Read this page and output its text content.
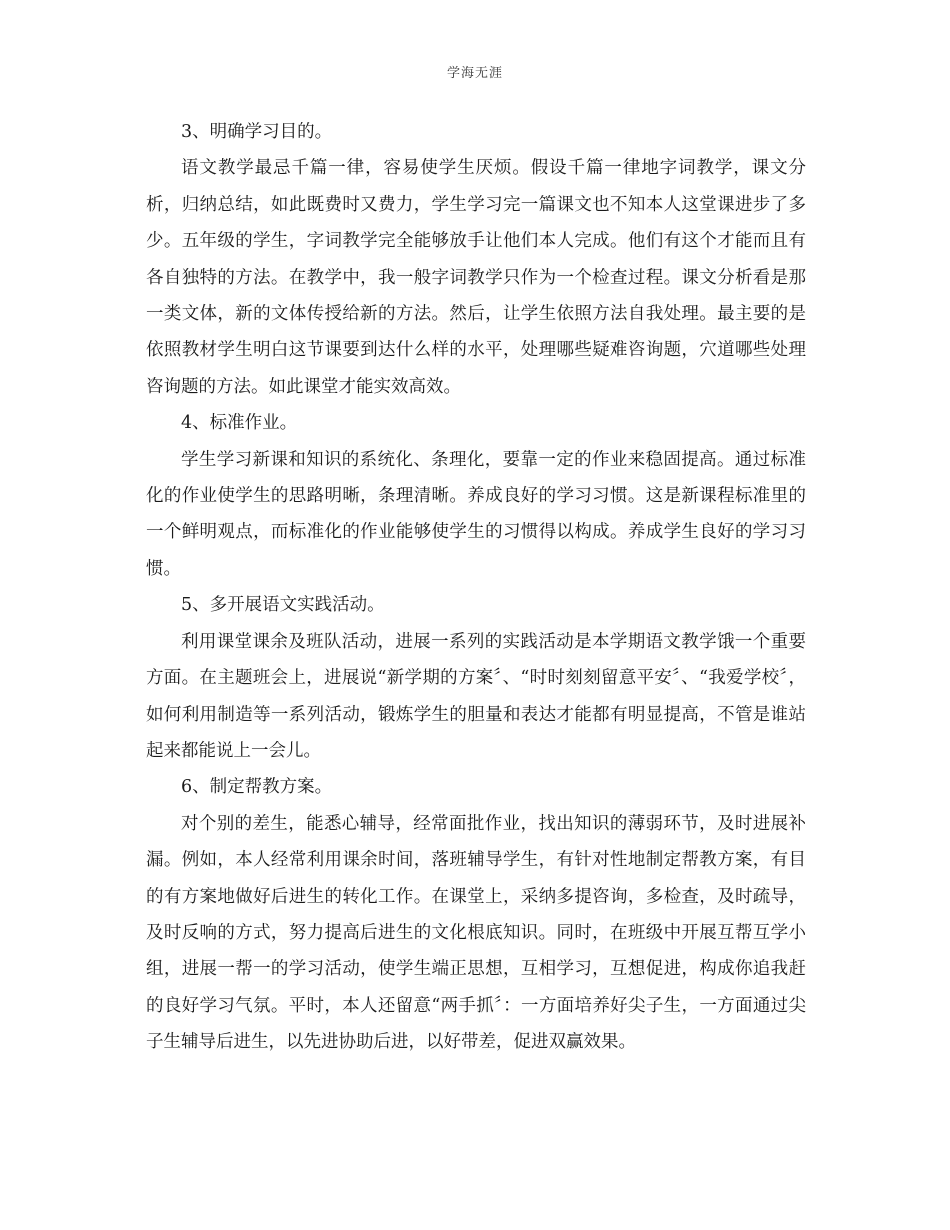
学海无涯

3、明确学习目的。

语文教学最忌千篇一律，容易使学生厌烦。假设千篇一律地字词教学，课文分析，归纳总结，如此既费时又费力，学生学习完一篇课文也不知本人这堂课进步了多少。五年级的学生，字词教学完全能够放手让他们本人完成。他们有这个才能而且有各自独特的方法。在教学中，我一般字词教学只作为一个检查过程。课文分析看是那一类文体，新的文体传授给新的方法。然后，让学生依照方法自我处理。最主要的是依照教材学生明白这节课要到达什么样的水平，处理哪些疑难咨询题，穴道哪些处理咨询题的方法。如此课堂才能实效高效。

4、标准作业。

学生学习新课和知识的系统化、条理化，要靠一定的作业来稳固提高。通过标准化的作业使学生的思路明晰，条理清晰。养成良好的学习习惯。这是新课程标准里的一个鲜明观点，而标准化的作业能够使学生的习惯得以构成。养成学生良好的学习习惯。

5、多开展语文实践活动。

利用课堂课余及班队活动，进展一系列的实践活动是本学期语文教学饿一个重要方面。在主题班会上，进展说“新学期的方案〞、“时时刻刻留意平安〞、“我爱学校〞，如何利用制造等一系列活动，锻炼学生的胆量和表达才能都有明显提高，不管是谁站起来都能说上一会儿。

6、制定帮教方案。

对个别的差生，能悉心辅导，经常面批作业，找出知识的薄弱环节，及时进展补漏。例如，本人经常利用课余时间，落班辅导学生，有针对性地制定帮教方案，有目的有方案地做好后进生的转化工作。在课堂上，采纳多提咨询，多检查，及时疏导，及时反响的方式，努力提高后进生的文化根底知识。同时，在班级中开展互帮互学小组，进展一帮一的学习活动，使学生端正思想，互相学习，互想促进，构成你追我赶的良好学习气氛。平时，本人还留意“两手抓〞：一方面培养好尖子生，一方面通过尖子生辅导后进生，以先进协助后进，以好带差，促进双赢效果。
